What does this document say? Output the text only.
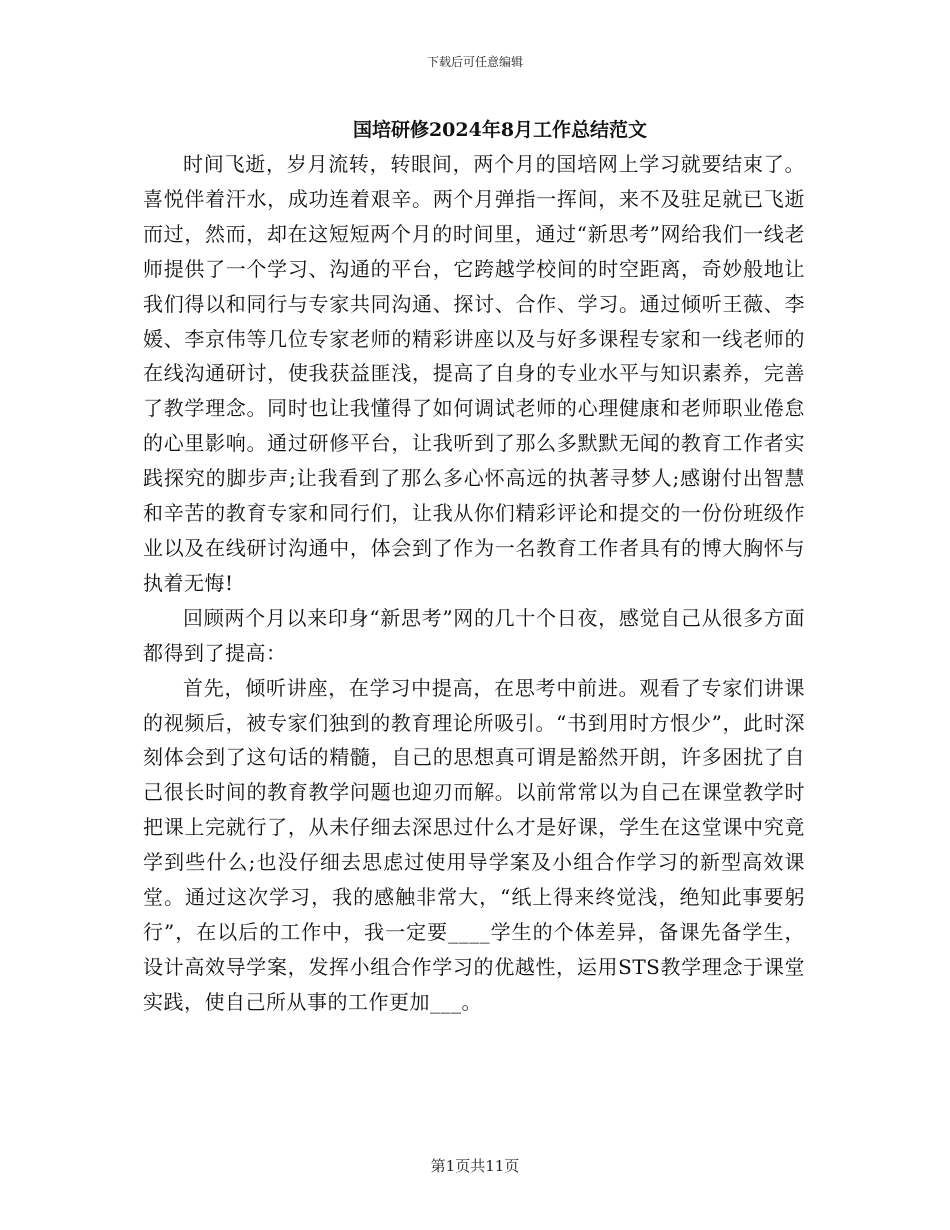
下载后可任意编辑
国培研修2024年8月工作总结范文

时间飞逝，岁月流转，转眼间，两个月的国培网上学习就要结束了。喜悦伴着汗水，成功连着艰辛。两个月弹指一挥间，来不及驻足就已飞逝而过，然而，却在这短短两个月的时间里，通过“新思考”网给我们一线老师提供了一个学习、沟通的平台，它跨越学校间的时空距离，奇妙般地让我们得以和同行与专家共同沟通、探讨、合作、学习。通过倾听王薇、李媛、李京伟等几位专家老师的精彩讲座以及与好多课程专家和一线老师的在线沟通研讨，使我获益匪浅，提高了自身的专业水平与知识素养，完善了教学理念。同时也让我懂得了如何调试老师的心理健康和老师职业倦怠的心里影响。通过研修平台，让我听到了那么多默默无闻的教育工作者实践探究的脚步声;让我看到了那么多心怀高远的执著寻梦人;感谢付出智慧和辛苦的教育专家和同行们，让我从你们精彩评论和提交的一份份班级作业以及在线研讨沟通中，体会到了作为一名教育工作者具有的博大胸怀与执着无悔!

回顾两个月以来印身“新思考”网的几十个日夜，感觉自己从很多方面都得到了提高：

首先，倾听讲座，在学习中提高，在思考中前进。观看了专家们讲课的视频后，被专家们独到的教育理论所吸引。“书到用时方恨少”，此时深刻体会到了这句话的精髓，自己的思想真可谓是豁然开朗，许多困扰了自己很长时间的教育教学问题也迎刃而解。以前常常以为自己在课堂教学时把课上完就行了，从未仔细去深思过什么才是好课，学生在这堂课中究竟学到些什么;也没仔细去思虑过使用导学案及小组合作学习的新型高效课堂。通过这次学习，我的感触非常大，“纸上得来终觉浅，绝知此事要躬行”，在以后的工作中，我一定要____学生的个体差异，备课先备学生，设计高效导学案，发挥小组合作学习的优越性，运用STS教学理念于课堂实践，使自己所从事的工作更加___。

第1页共11页
